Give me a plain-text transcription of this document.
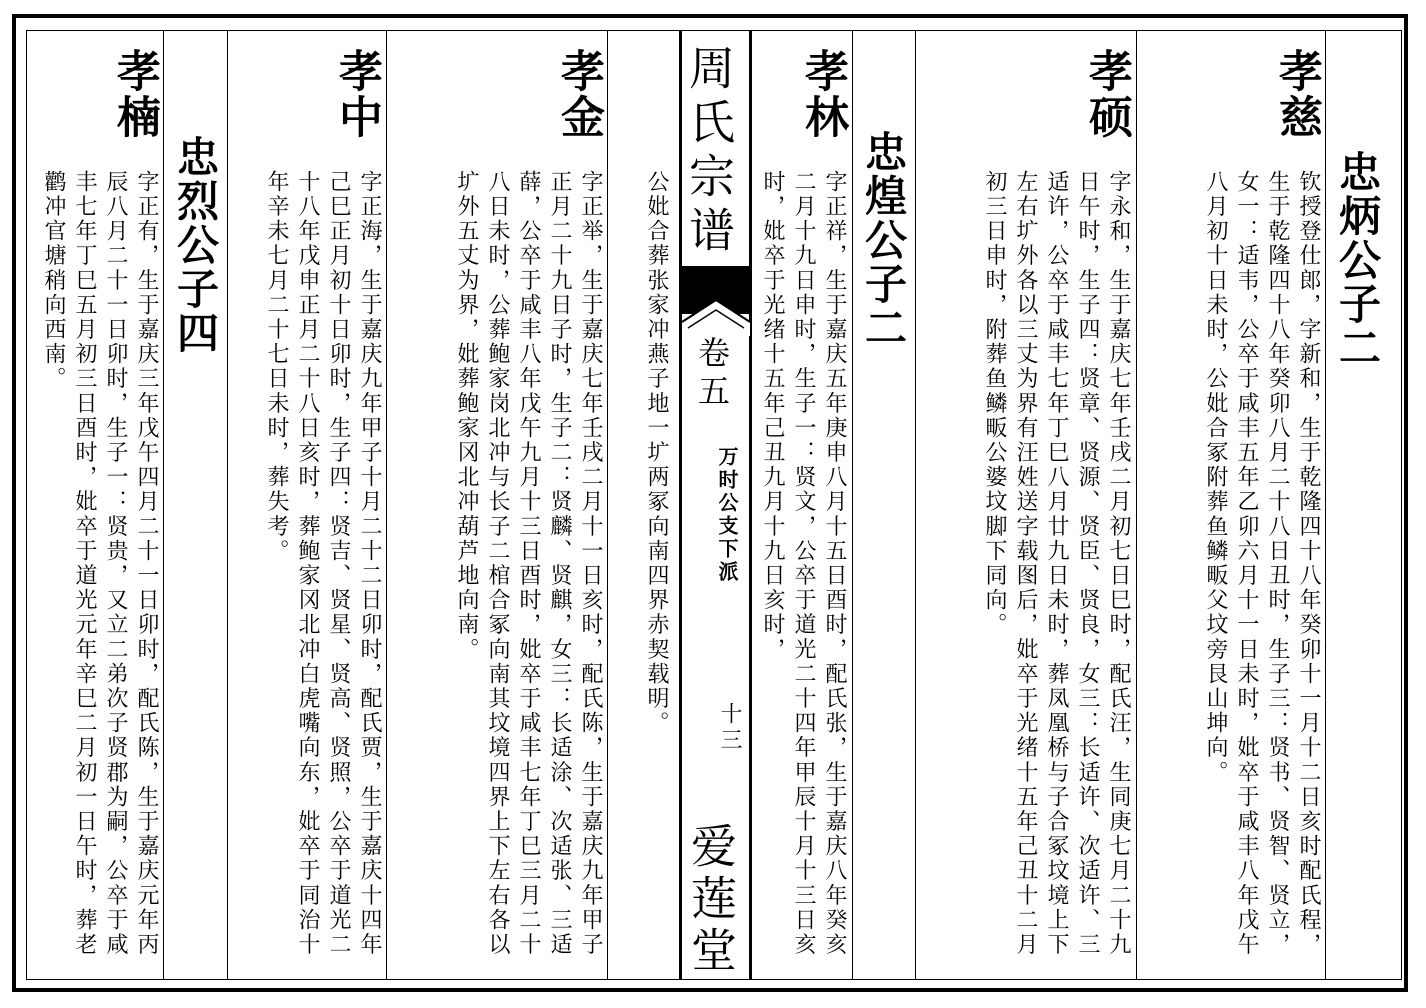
周氏宗谱
卷五
万时公支下派
十三
爱莲堂
忠炳公子二
孝慈
钦授登仕郎，字新和，生于乾隆四十八年癸卯十一月十二日亥时配氏程，生于乾隆四十八年癸卯八月二十八日丑时，生子三：贤书、贤智、贤立，女一：适韦，公卒于咸丰五年乙卯六月十一日未时，妣卒于咸丰八年戊午八月初十日未时，公妣合冢附葬鱼鳞畈父坟旁艮山坤向。
孝硕
字永和，生于嘉庆七年壬戌二月初七日巳时，配氏汪，生同庚七月二十九日午时，生子四：贤章、贤源、贤臣、贤良，女三：长适许、次适许、三适许，公卒于咸丰七年丁巳八月廿九日未时，葬凤凰桥与子合冢坟境上下左右圹外各以三丈为界有汪姓送字载图后，妣卒于光绪十五年己丑十二月初三日申时，附葬鱼鳞畈公婆坟脚下同向。
忠煌公子二
孝林
字正祥，生于嘉庆五年庚申八月十五日酉时，配氏张，生于嘉庆八年癸亥二月十九日申时，生子一：贤文，公卒于道光二十四年甲辰十月十三日亥时，妣卒于光绪十五年己丑九月十九日亥时，
公妣合葬张家冲燕子地一圹两冢向南四界赤契载明。
孝金
字正举，生于嘉庆七年壬戌二月十一日亥时，配氏陈，生于嘉庆九年甲子正月二十九日子时，生子二：贤麟、贤麒，女三：长适涂、次适张、三适薛，公卒于咸丰八年戊午九月十三日酉时，妣卒于咸丰七年丁巳三月二十八日未时，公葬鲍家岗北冲与长子二棺合冢向南其坟境四界上下左右各以圹外五丈为界，妣葬鲍家冈北冲葫芦地向南。
孝中
字正海，生于嘉庆九年甲子十月二十二日卯时，配氏贾，生于嘉庆十四年己巳正月初十日卯时，生子四：贤吉、贤星、贤高、贤照，公卒于道光二十八年戊申正月二十八日亥时，葬鲍家冈北冲白虎嘴向东，妣卒于同治十年辛未七月二十七日未时，葬失考。
忠烈公子四
孝楠
字正有，生于嘉庆三年戊午四月二十一日卯时，配氏陈，生于嘉庆元年丙辰八月二十一日卯时，生子一：贤贵，又立二弟次子贤郡为嗣，公卒于咸丰七年丁巳五月初三日酉时，妣卒于道光元年辛巳二月初一日午时，葬老鹳冲官塘稍向西南。
